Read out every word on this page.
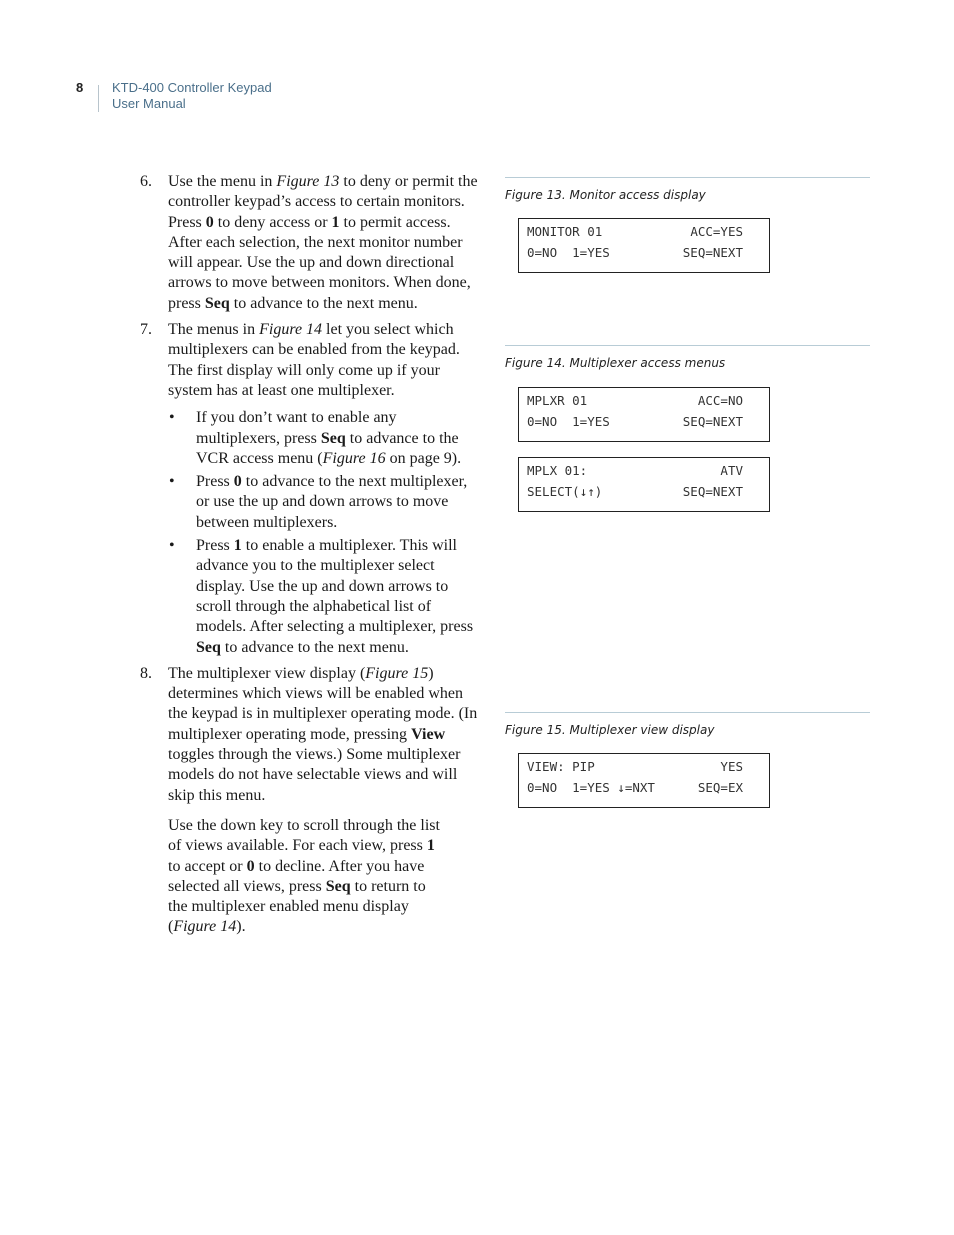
8 KTD-400 Controller Keypad
User Manual
6. Use the menu in Figure 13 to deny or permit the controller keypad’s access to certain monitors. Press 0 to deny access or 1 to permit access. After each selection, the next monitor number will appear. Use the up and down directional arrows to move between monitors. When done, press Seq to advance to the next menu.
7. The menus in Figure 14 let you select which multiplexers can be enabled from the keypad. The first display will only come up if your system has at least one multiplexer.
• If you don’t want to enable any multiplexers, press Seq to advance to the VCR access menu (Figure 16 on page 9).
• Press 0 to advance to the next multiplexer, or use the up and down arrows to move between multiplexers.
• Press 1 to enable a multiplexer. This will advance you to the multiplexer select display. Use the up and down arrows to scroll through the alphabetical list of models. After selecting a multiplexer, press Seq to advance to the next menu.
8. The multiplexer view display (Figure 15) determines which views will be enabled when the keypad is in multiplexer operating mode. (In multiplexer operating mode, pressing View toggles through the views.) Some multiplexer models do not have selectable views and will skip this menu.
Use the down key to scroll through the list of views available. For each view, press 1 to accept or 0 to decline. After you have selected all views, press Seq to return to the multiplexer enabled menu display (Figure 14).
Figure 13. Monitor access display
MONITOR 01	ACC=YES
0=NO  1=YES	SEQ=NEXT
Figure 14. Multiplexer access menus
MPLXR 01	ACC=NO
0=NO  1=YES	SEQ=NEXT
MPLX 01:	ATV
SELECT(↓↑)	SEQ=NEXT
Figure 15. Multiplexer view display
VIEW: PIP	YES
0=NO  1=YES ↓=NXT	SEQ=EX
